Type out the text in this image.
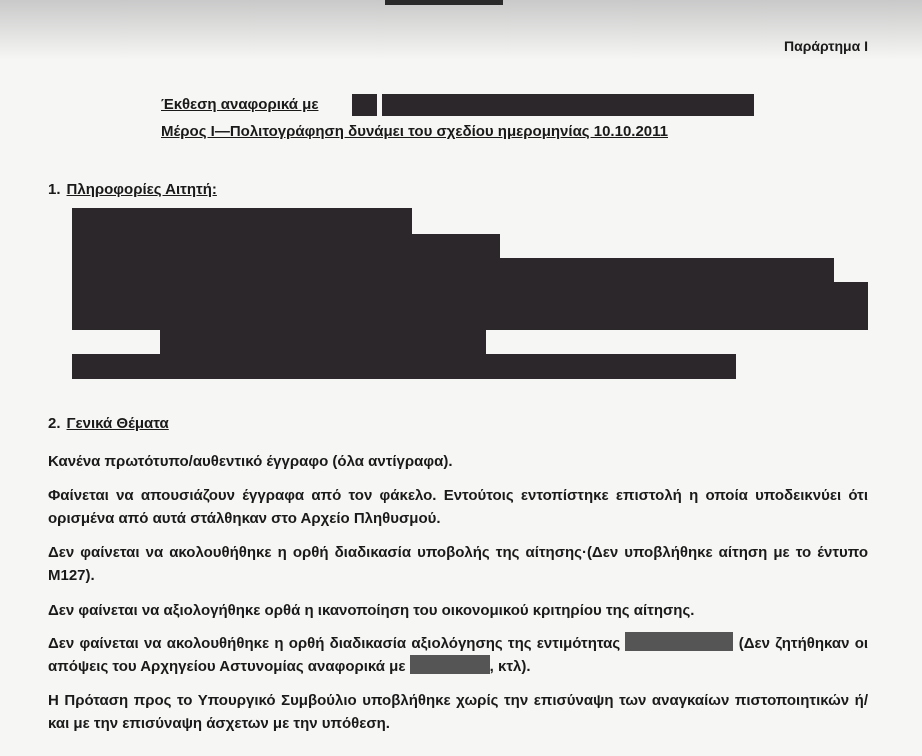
Παράρτημα Ι
Έκθεση αναφορικά με
Μέρος Ι—Πολιτογράφηση δυνάμει του σχεδίου ημερομηνίας 10.10.2011
1. Πληροφορίες Αιτητή:
2. Γενικά Θέματα
Κανένα πρωτότυπο/αυθεντικό έγγραφο (όλα αντίγραφα).
Φαίνεται να απουσιάζουν έγγραφα από τον φάκελο. Εντούτοις εντοπίστηκε επιστολή η οποία υποδεικνύει ότι ορισμένα από αυτά στάλθηκαν στο Αρχείο Πληθυσμού.
Δεν φαίνεται να ακολουθήθηκε η ορθή διαδικασία υποβολής της αίτησης·(Δεν υποβλήθηκε αίτηση με το έντυπο Μ127).
Δεν φαίνεται να αξιολογήθηκε ορθά η ικανοποίηση του οικονομικού κριτηρίου της αίτησης.
Δεν φαίνεται να ακολουθήθηκε η ορθή διαδικασία αξιολόγησης της εντιμότητας	(Δεν ζητήθηκαν οι απόψεις του Αρχηγείου Αστυνομίας αναφορικά με	, κτλ).
Η Πρόταση προς το Υπουργικό Συμβούλιο υποβλήθηκε χωρίς την επισύναψη των αναγκαίων πιστοποιητικών ή/και με την επισύναψη άσχετων με την υπόθεση.
